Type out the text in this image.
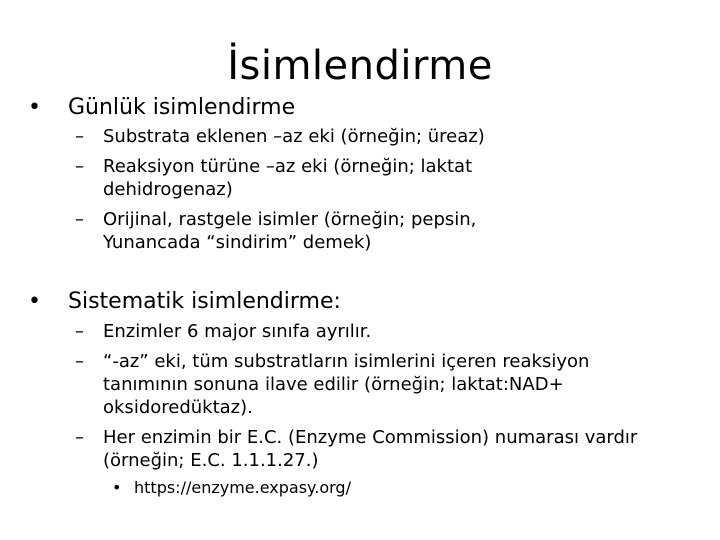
İsimlendirme
•	Günlük isimlendirme
–	Substrata eklenen –az eki (örneğin; üreaz)
–	Reaksiyon türüne –az eki (örneğin; laktat dehidrogenaz)
–	Orijinal, rastgele isimler (örneğin; pepsin, Yunancada “sindirim” demek)
•	Sistematik isimlendirme:
–	Enzimler 6 major sınıfa ayrılır.
–	“-az” eki, tüm substratların isimlerini içeren reaksiyon tanımının sonuna ilave edilir (örneğin; laktat:NAD+ oksidoredüktaz).
–	Her enzimin bir E.C. (Enzyme Commission) numarası vardır (örneğin; E.C. 1.1.1.27.)
• https://enzyme.expasy.org/
